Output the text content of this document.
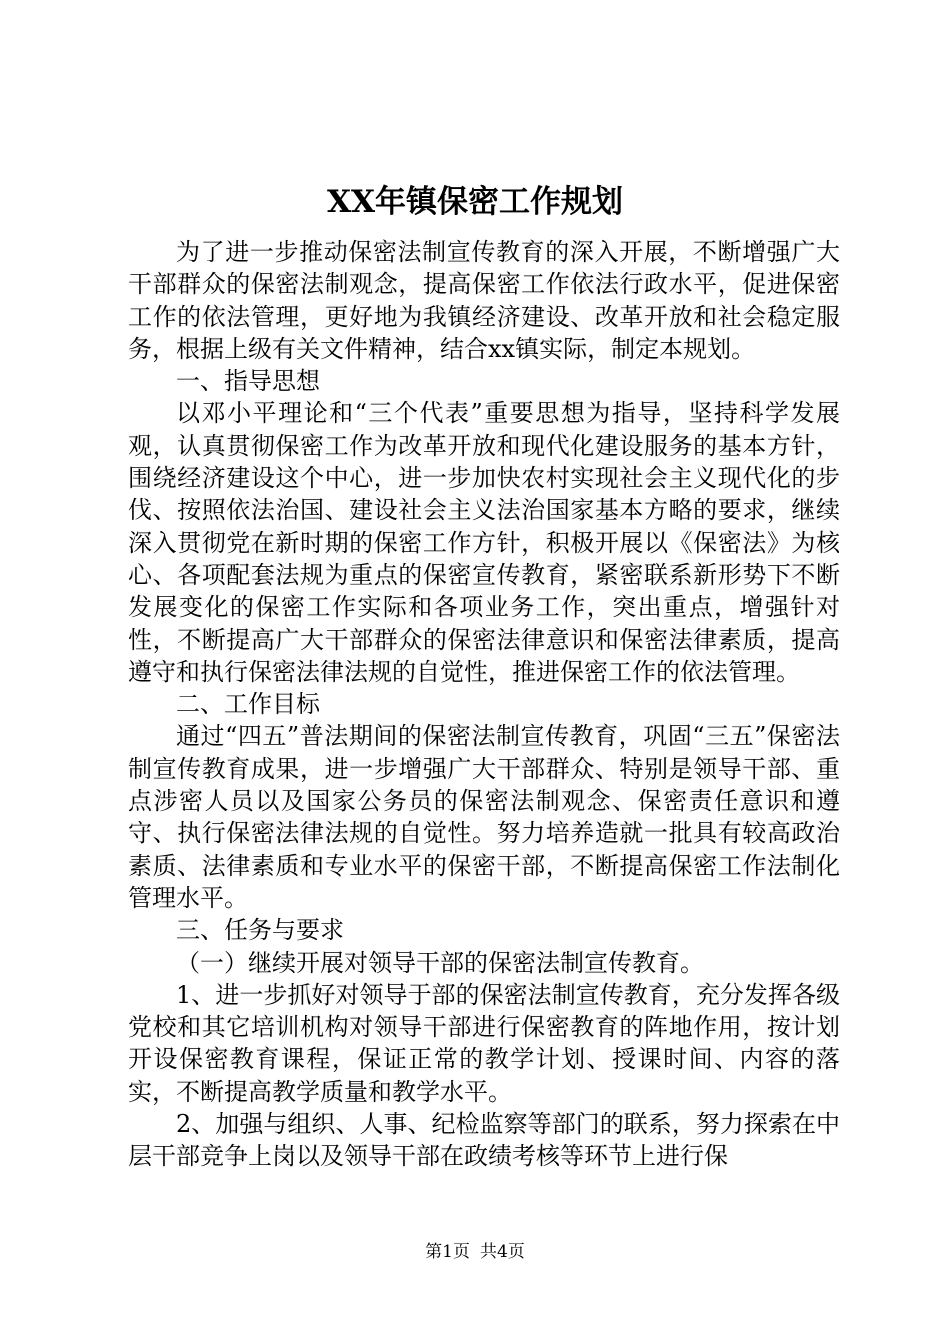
XX年镇保密工作规划

为了进一步推动保密法制宣传教育的深入开展，不断增强广大干部群众的保密法制观念，提高保密工作依法行政水平，促进保密工作的依法管理，更好地为我镇经济建设、改革开放和社会稳定服务，根据上级有关文件精神，结合xx镇实际，制定本规划。

一、指导思想

以邓小平理论和“三个代表”重要思想为指导，坚持科学发展观，认真贯彻保密工作为改革开放和现代化建设服务的基本方针，围绕经济建设这个中心，进一步加快农村实现社会主义现代化的步伐、按照依法治国、建设社会主义法治国家基本方略的要求，继续深入贯彻党在新时期的保密工作方针，积极开展以《保密法》为核心、各项配套法规为重点的保密宣传教育，紧密联系新形势下不断发展变化的保密工作实际和各项业务工作，突出重点，增强针对性，不断提高广大干部群众的保密法律意识和保密法律素质，提高遵守和执行保密法律法规的自觉性，推进保密工作的依法管理。

二、工作目标

通过“四五”普法期间的保密法制宣传教育，巩固“三五”保密法制宣传教育成果，进一步增强广大干部群众、特别是领导干部、重点涉密人员以及国家公务员的保密法制观念、保密责任意识和遵守、执行保密法律法规的自觉性。努力培养造就一批具有较高政治素质、法律素质和专业水平的保密干部，不断提高保密工作法制化管理水平。

三、任务与要求

（一）继续开展对领导干部的保密法制宣传教育。

1、进一步抓好对领导于部的保密法制宣传教育，充分发挥各级党校和其它培训机构对领导干部进行保密教育的阵地作用，按计划开设保密教育课程，保证正常的教学计划、授课时间、内容的落实，不断提高教学质量和教学水平。

2、加强与组织、人事、纪检监察等部门的联系，努力探索在中层干部竞争上岗以及领导干部在政绩考核等环节上进行保

第1页 共4页
